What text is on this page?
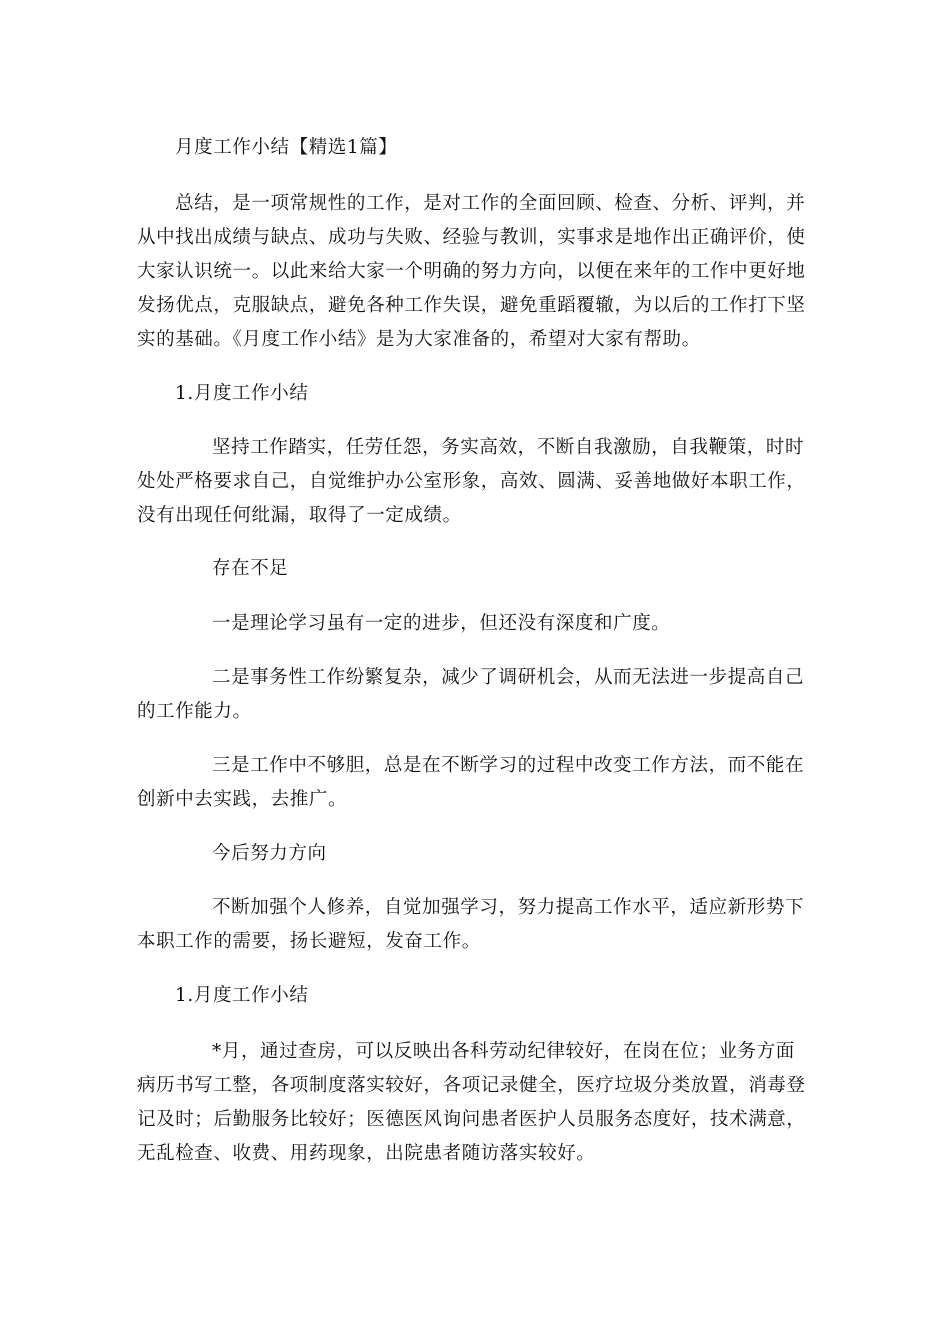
月度工作小结【精选1篇】

总结，是一项常规性的工作，是对工作的全面回顾、检查、分析、评判，并

从中找出成绩与缺点、成功与失败、经验与教训，实事求是地作出正确评价，使

大家认识统一。以此来给大家一个明确的努力方向，以便在来年的工作中更好地

发扬优点，克服缺点，避免各种工作失误，避免重蹈覆辙，为以后的工作打下坚

实的基础。《月度工作小结》是为大家准备的，希望对大家有帮助。

1.月度工作小结

坚持工作踏实，任劳任怨，务实高效，不断自我激励，自我鞭策，时时

处处严格要求自己，自觉维护办公室形象，高效、圆满、妥善地做好本职工作，

没有出现任何纰漏，取得了一定成绩。

存在不足

一是理论学习虽有一定的进步，但还没有深度和广度。

二是事务性工作纷繁复杂，减少了调研机会，从而无法进一步提高自己

的工作能力。

三是工作中不够胆，总是在不断学习的过程中改变工作方法，而不能在

创新中去实践，去推广。

今后努力方向

不断加强个人修养，自觉加强学习，努力提高工作水平，适应新形势下

本职工作的需要，扬长避短，发奋工作。

1.月度工作小结

*月，通过查房，可以反映出各科劳动纪律较好，在岗在位；业务方面

病历书写工整，各项制度落实较好，各项记录健全，医疗垃圾分类放置，消毒登

记及时；后勤服务比较好；医德医风询问患者医护人员服务态度好，技术满意，

无乱检查、收费、用药现象，出院患者随访落实较好。
